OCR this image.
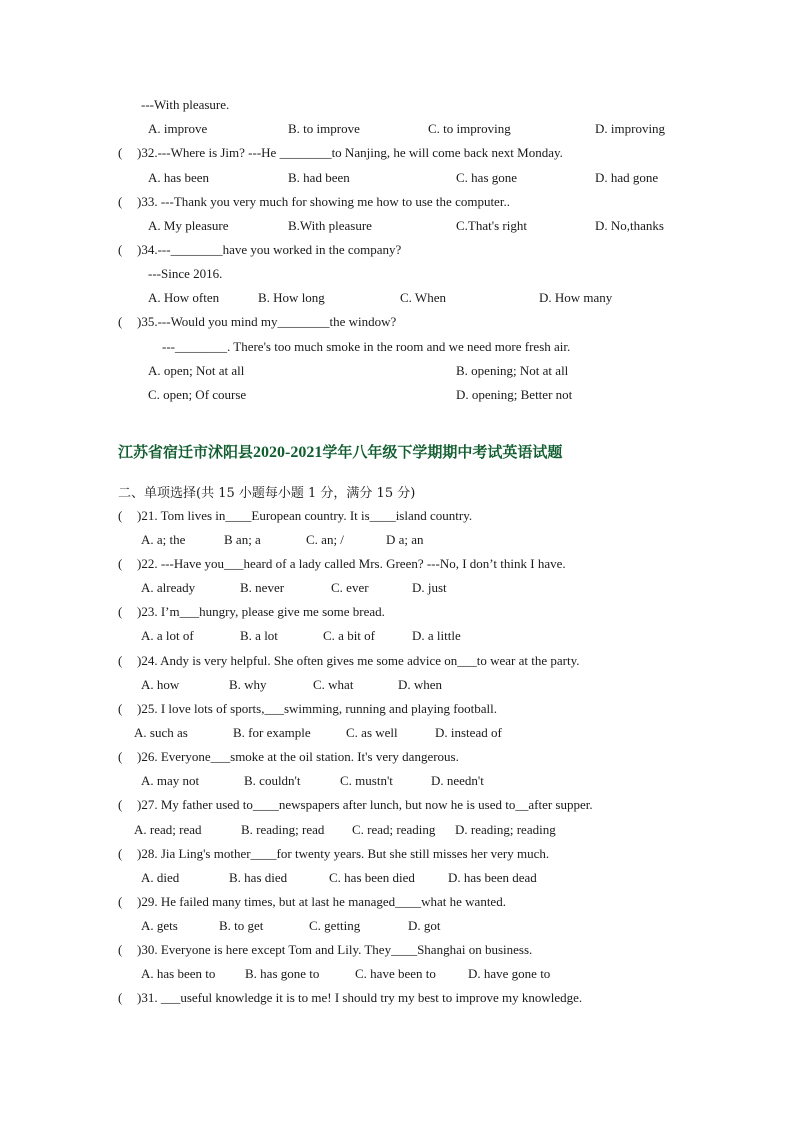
---With pleasure.
A. improve	B. to improve	C. to improving	D. improving
( )32.---Where is Jim? ---He ________to Nanjing, he will come back next Monday.
A. has been	B. had been	C. has gone	D. had gone
( )33. ---Thank you very much for showing me how to use the computer..
A. My pleasure	B.With pleasure	C.That's right	D. No,thanks
( )34.---________have you worked in the company?
---Since 2016.
A. How often	B. How long	C. When	D. How many
( )35.---Would you mind my________the window?
---________. There's too much smoke in the room and we need more fresh air.
A. open; Not at all	B. opening; Not at all
C. open; Of course	D. opening; Better not
江苏省宿迁市沭阳县2020-2021学年八年级下学期期中考试英语试题
二、单项选择(共 15 小题每小题 1 分，满分 15 分)
( )21. Tom lives in____European country. It is____island country.
A. a; the	B an; a	C. an; /	D a; an
( )22. ---Have you___heard of a lady called Mrs. Green? ---No, I don’t think I have.
A. already	B. never	C. ever	D. just
( )23. I’m___hungry, please give me some bread.
A. a lot of	B. a lot	C. a bit of	D. a little
( )24. Andy is very helpful. She often gives me some advice on___to wear at the party.
A. how	B. why	C. what	D. when
( )25. I love lots of sports,___swimming, running and playing football.
A. such as	B. for example	C. as well	D. instead of
( )26. Everyone___smoke at the oil station. It's very dangerous.
A. may not	B. couldn't	C. mustn't	D. needn't
( )27. My father used to____newspapers after lunch, but now he is used to__after supper.
A. read; read	B. reading; read C. read; reading D. reading; reading
( )28. Jia Ling's mother____for twenty years. But she still misses her very much.
A. died	B. has died	C. has been died	D. has been dead
( )29. He failed many times, but at last he managed____what he wanted.
A. gets	B. to get	C. getting	D. got
( )30. Everyone is here except Tom and Lily. They____Shanghai on business.
A. has been to B. has gone to	C. have been to D. have gone to
( )31. ___useful knowledge it is to me! I should try my best to improve my knowledge.
